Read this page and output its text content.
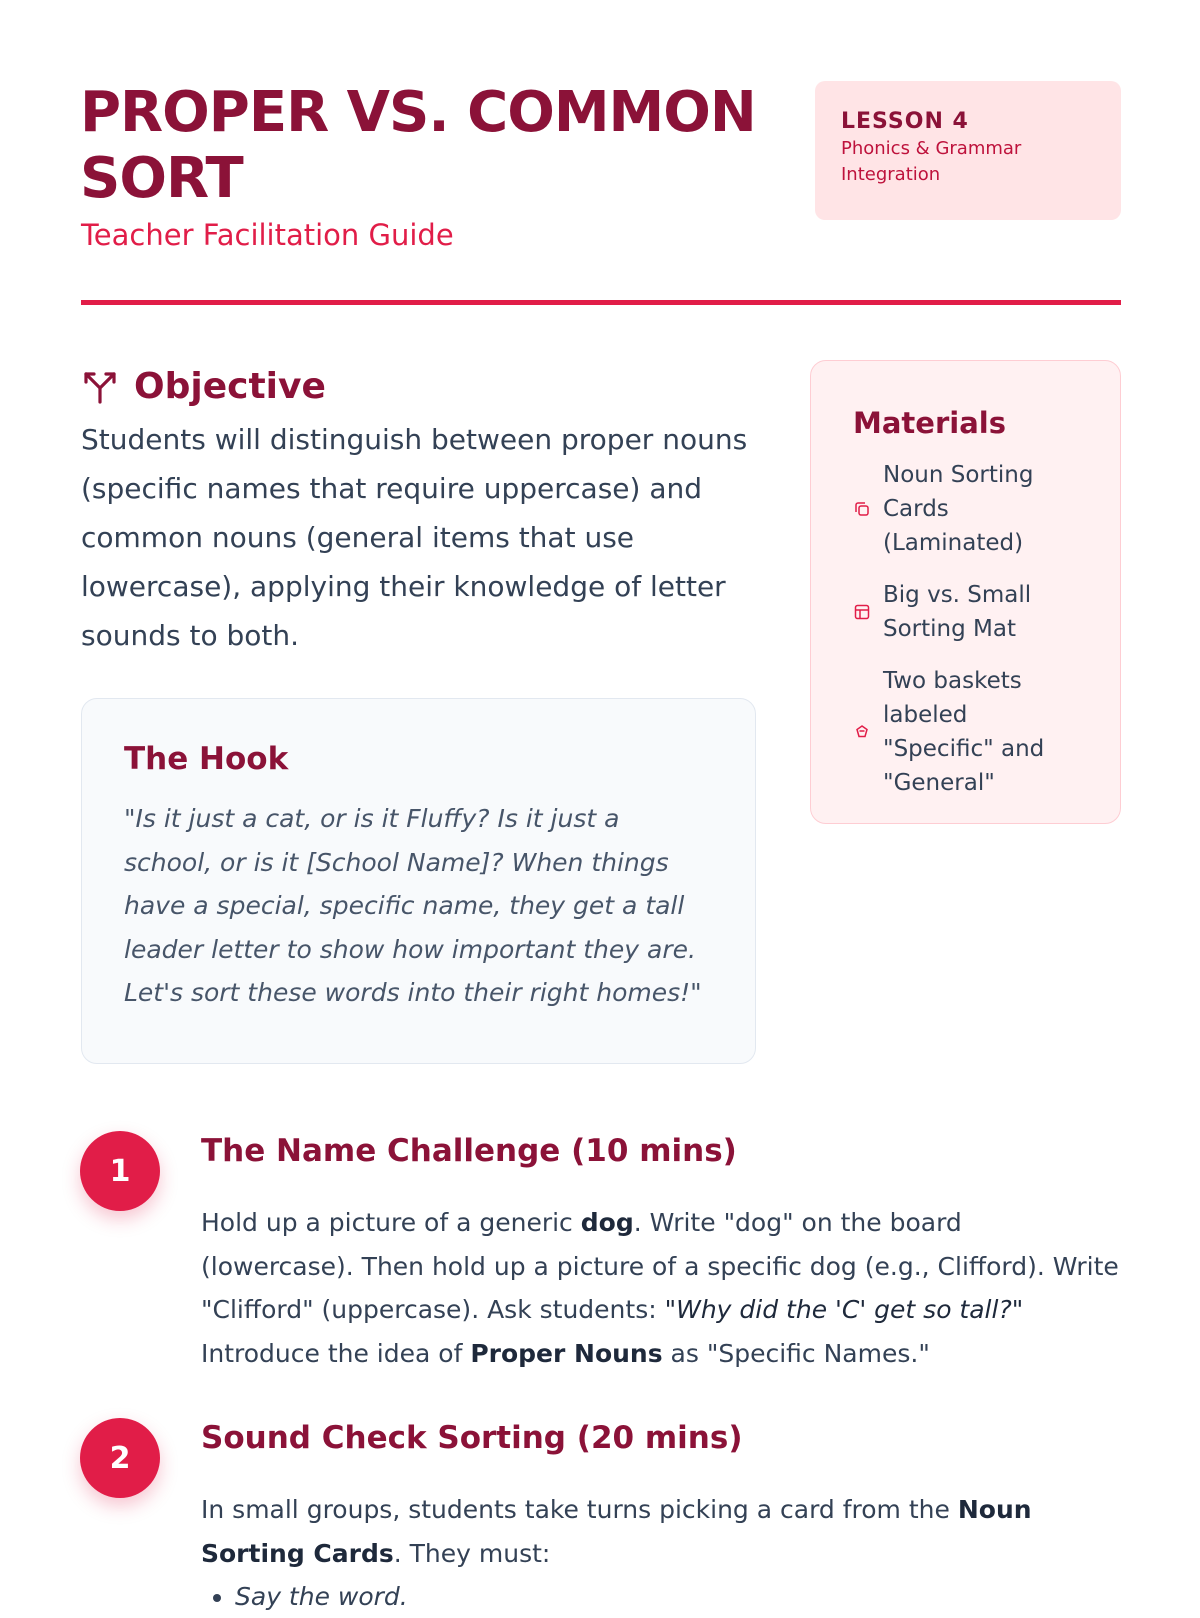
PROPER VS. COMMON SORT

Teacher Facilitation Guide

LESSON 4
Phonics & Grammar Integration
Objective

Students will distinguish between proper nouns (specific names that require uppercase) and common nouns (general items that use lowercase), applying their knowledge of letter sounds to both.

The Hook

"Is it just a cat, or is it Fluffy? Is it just a school, or is it [School Name]? When things have a special, specific name, they get a tall leader letter to show how important they are. Let's sort these words into their right homes!"

Materials
Noun Sorting Cards (Laminated)
Big vs. Small Sorting Mat
Two baskets labeled "Specific" and "General"
1
The Name Challenge (10 mins)

Hold up a picture of a generic dog. Write "dog" on the board (lowercase). Then hold up a picture of a specific dog (e.g., Clifford). Write "Clifford" (uppercase). Ask students: "Why did the 'C' get so tall?" Introduce the idea of Proper Nouns as "Specific Names."

2
Sound Check Sorting (20 mins)

In small groups, students take turns picking a card from the Noun Sorting Cards. They must:

• Say the word.
